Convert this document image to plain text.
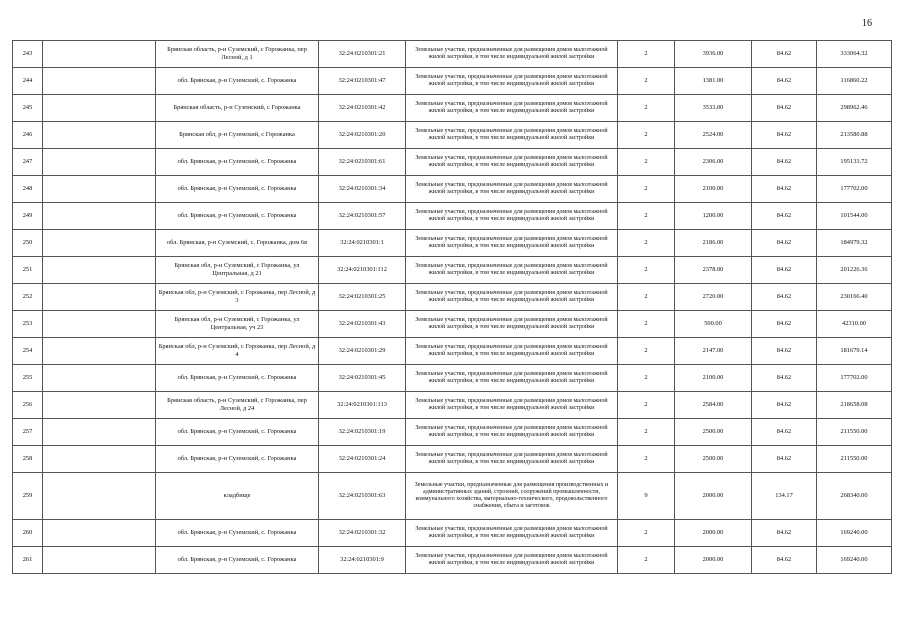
16
243		Брянская область, р-н Суземский, с Горожанка, пер Лесной, д 1	32:24:0210301:21	Земельные участки, предназначенные для размещения домов малоэтажной жилой застройки, в том числе индивидуальной жилой застройки	2	3936.00	84.62	333064.32
244		обл. Брянская, р-н Суземский, с. Горожанка	32:24:0210301:47	Земельные участки, предназначенные для размещения домов малоэтажной жилой застройки, в том числе индивидуальной жилой застройки	2	1381.00	84.62	116860.22
245		Брянская область, р-н Суземский, с Горожанка	32:24:0210301:42	Земельные участки, предназначенные для размещения домов малоэтажной жилой застройки, в том числе индивидуальной жилой застройки	2	3533.00	84.62	298962.46
246		Брянская обл, р-н Суземский, с Горожанка	32:24:0210301:20	Земельные участки, предназначенные для размещения домов малоэтажной жилой застройки, в том числе индивидуальной жилой застройки	2	2524.00	84.62	213580.88
247		обл. Брянская, р-н Суземский, с. Горожанка	32:24:0210301:61	Земельные участки, предназначенные для размещения домов малоэтажной жилой застройки, в том числе индивидуальной жилой застройки	2	2306.00	84.62	195133.72
248		обл. Брянская, р-н Суземский, с. Горожанка	32:24:0210301:34	Земельные участки, предназначенные для размещения домов малоэтажной жилой застройки, в том числе индивидуальной жилой застройки	2	2100.00	84.62	177702.00
249		обл. Брянская, р-н Суземский, с. Горожанка	32:24:0210301:57	Земельные участки, предназначенные для размещения домов малоэтажной жилой застройки, в том числе индивидуальной жилой застройки	2	1200.00	84.62	101544.00
250		обл. Брянская, р-н Суземский, с. Горожанка, дом 6в	32:24:0210301:1	Земельные участки, предназначенные для размещения домов малоэтажной жилой застройки, в том числе индивидуальной жилой застройки	2	2186.00	84.62	184979.32
251		Брянская обл, р-н Суземский, с Горожанка, ул Центральная, д 21	32:24:0210301:112	Земельные участки, предназначенные для размещения домов малоэтажной жилой застройки, в том числе индивидуальной жилой застройки	2	2378.00	84.62	201226.36
252		Брянская обл, р-н Суземский, с Горожанка, пер Лесной, д 3	32:24:0210301:25	Земельные участки, предназначенные для размещения домов малоэтажной жилой застройки, в том числе индивидуальной жилой застройки	2	2720.00	84.62	230166.40
253		Брянская обл, р-н Суземский, с Горожанка, ул Центральная, уч 23	32:24:0210301:43	Земельные участки, предназначенные для размещения домов малоэтажной жилой застройки, в том числе индивидуальной жилой застройки	2	500.00	84.62	42310.00
254		Брянская обл, р-н Суземский, с Горожанка, пер Лесной, д 4	32:24:0210301:29	Земельные участки, предназначенные для размещения домов малоэтажной жилой застройки, в том числе индивидуальной жилой застройки	2	2147.00	84.62	181679.14
255		обл. Брянская, р-н Суземский, с. Горожанка	32:24:0210301:45	Земельные участки, предназначенные для размещения домов малоэтажной жилой застройки, в том числе индивидуальной жилой застройки	2	2100.00	84.62	177702.00
256		Брянская область, р-н Суземский, с Горожанка, пер Лесной, д 24	32:24:0210301:113	Земельные участки, предназначенные для размещения домов малоэтажной жилой застройки, в том числе индивидуальной жилой застройки	2	2584.00	84.62	218658.08
257		обл. Брянская, р-н Суземский, с. Горожанка	32:24:0210301:19	Земельные участки, предназначенные для размещения домов малоэтажной жилой застройки, в том числе индивидуальной жилой застройки	2	2500.00	84.62	211550.00
258		обл. Брянская, р-н Суземский, с. Горожанка	32:24:0210301:24	Земельные участки, предназначенные для размещения домов малоэтажной жилой застройки, в том числе индивидуальной жилой застройки	2	2500.00	84.62	211550.00
259		кладбище	32:24:0210301:63	Земельные участки, предназначенные для размещения производственных и административных зданий, строений, сооружений промышленности, коммунального хозяйства, материально-технического, продовольственного снабжения, сбыта и заготовок	9	2000.00	134.17	268340.00
260		обл. Брянская, р-н Суземский, с. Горожанка	32:24:0210301:32	Земельные участки, предназначенные для размещения домов малоэтажной жилой застройки, в том числе индивидуальной жилой застройки	2	2000.00	84.62	169240.00
261		обл. Брянская, р-н Суземский, с. Горожанка	32:24:0210301:9	Земельные участки, предназначенные для размещения домов малоэтажной жилой застройки, в том числе индивидуальной жилой застройки	2	2000.00	84.62	169240.00
